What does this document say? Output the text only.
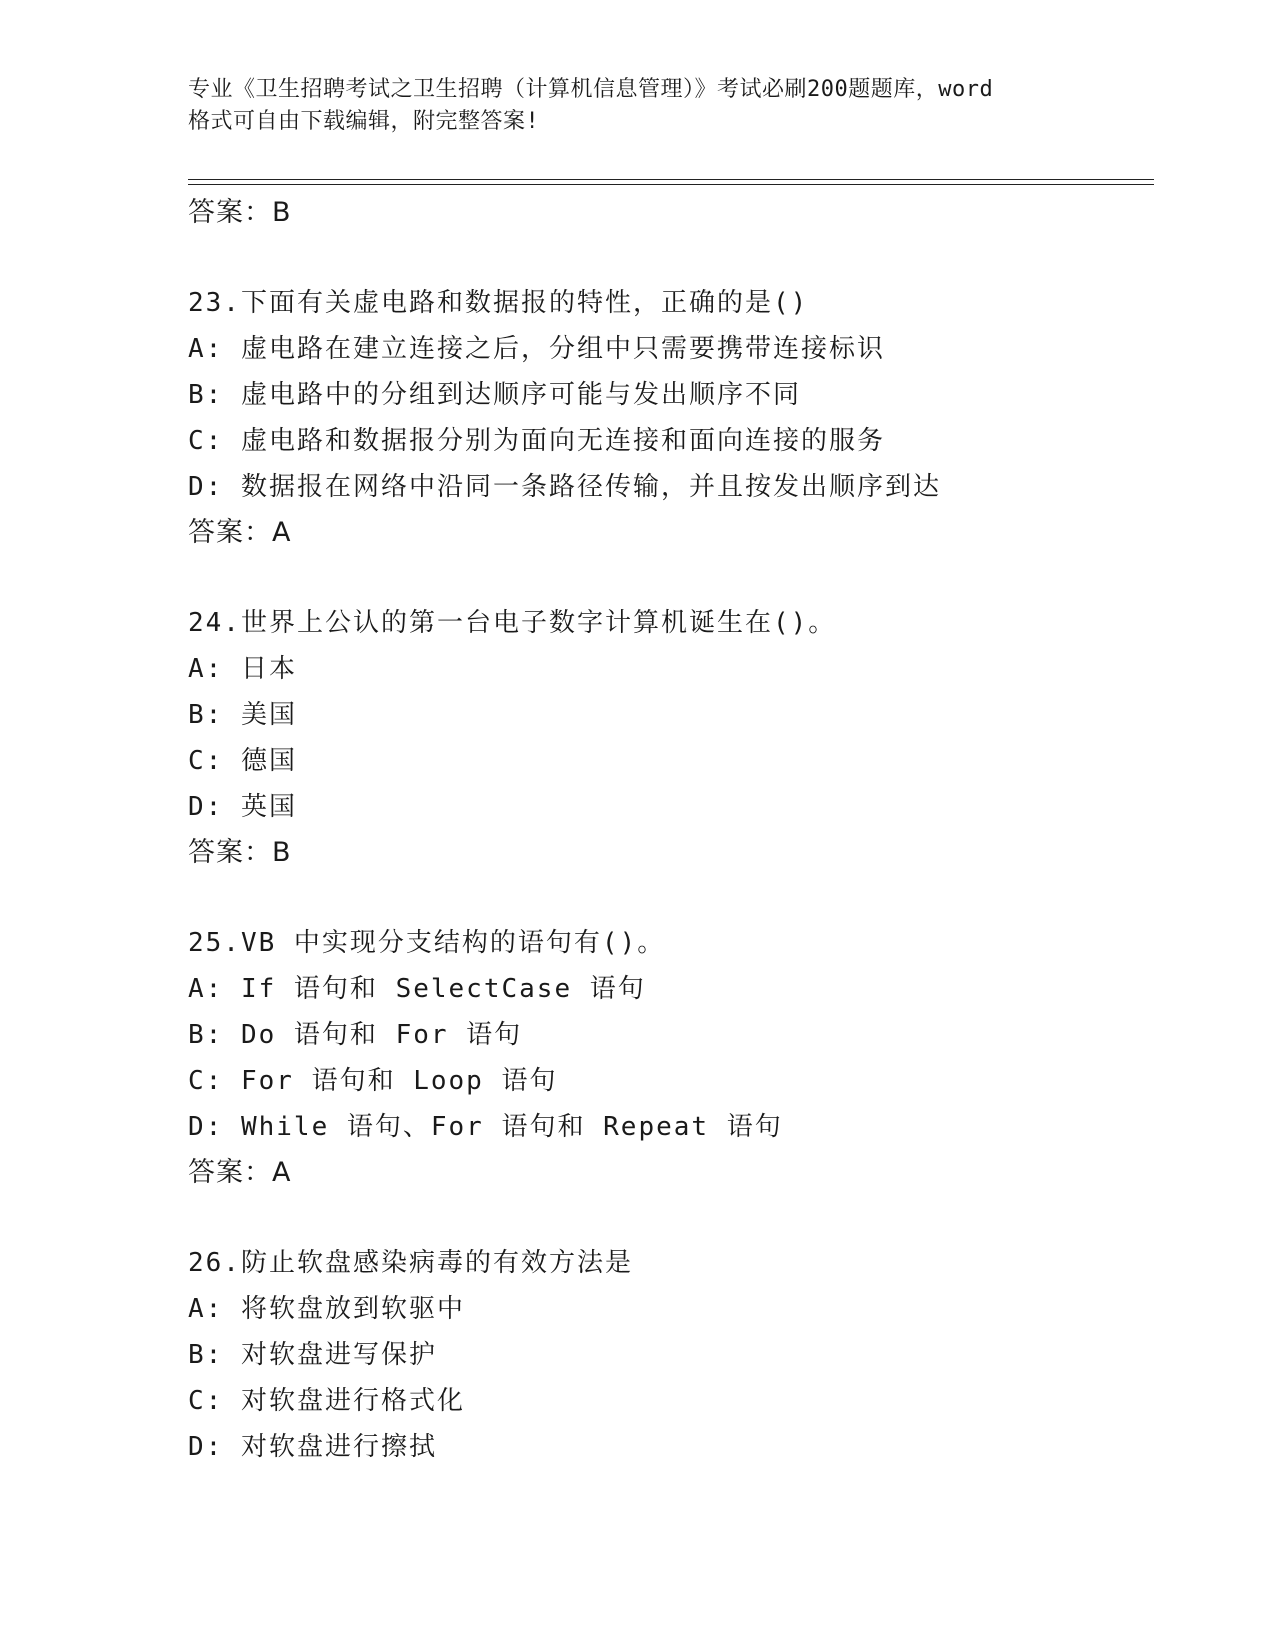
专业《卫生招聘考试之卫生招聘（计算机信息管理）》考试必刷200题题库，word
格式可自由下载编辑，附完整答案!
答案：B
23.下面有关虚电路和数据报的特性，正确的是()
A: 虚电路在建立连接之后，分组中只需要携带连接标识
B: 虚电路中的分组到达顺序可能与发出顺序不同
C: 虚电路和数据报分别为面向无连接和面向连接的服务
D: 数据报在网络中沿同一条路径传输，并且按发出顺序到达
答案：A
24.世界上公认的第一台电子数字计算机诞生在()。
A: 日本
B: 美国
C: 德国
D: 英国
答案：B
25.VB 中实现分支结构的语句有()。
A: If 语句和 SelectCase 语句
B: Do 语句和 For 语句
C: For 语句和 Loop 语句
D: While 语句、For 语句和 Repeat 语句
答案：A
26.防止软盘感染病毒的有效方法是
A: 将软盘放到软驱中
B: 对软盘进写保护
C: 对软盘进行格式化
D: 对软盘进行擦拭
